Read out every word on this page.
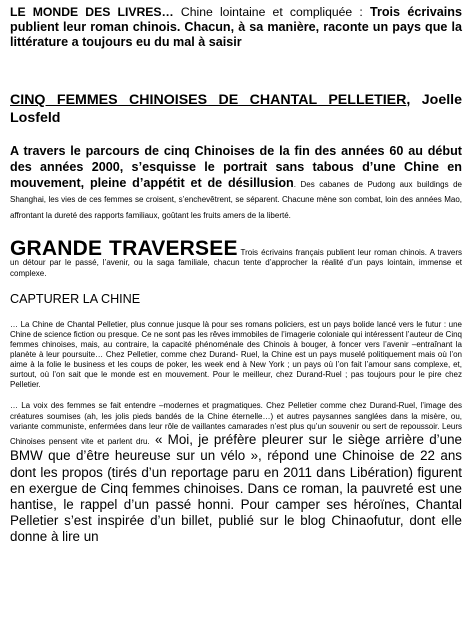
LE MONDE DES LIVRES… Chine lointaine et compliquée : Trois écrivains publient leur roman chinois. Chacun, à sa manière, raconte un pays que la littérature a toujours eu du mal à saisir

CINQ FEMMES CHINOISES DE CHANTAL PELLETIER, Joelle Losfeld

A travers le parcours de cinq Chinoises de la fin des années 60 au début des années 2000, s’esquisse le portrait sans tabous d’une Chine en mouvement, pleine d’appétit et de désillusion. Des cabanes de Pudong aux buildings de Shanghai, les vies de ces femmes se croisent, s’enchevêtrent, se séparent. Chacune mène son combat, loin des années Mao, affrontant la dureté des rapports familiaux, goûtant les fruits amers de la liberté.

GRANDE TRAVERSEE Trois écrivains français publient leur roman chinois. A travers un détour par le passé, l’avenir, ou la saga familiale, chacun tente d’approcher la réalité d’un pays lointain, immense et complexe.

CAPTURER LA CHINE

… La Chine de Chantal Pelletier, plus connue jusque là pour ses romans policiers, est un pays bolide lancé vers le futur : une Chine de science fiction ou presque. Ce ne sont pas les rêves immobiles de l’imagerie coloniale qui intéressent l’auteur de Cinq femmes chinoises, mais, au contraire, la capacité phénoménale des Chinois à bouger, à foncer vers l’avenir –entraînant la planète à leur poursuite… Chez Pelletier, comme chez Durand- Ruel, la Chine est un pays muselé politiquement mais où l’on aime à la folie le business et les coups de poker, les week end à New York ; un pays où l’on fait l’amour sans complexe, et, surtout, où l’on sait que le monde est en mouvement. Pour le meilleur, chez Durand-Ruel ; pas toujours pour le pire chez Pelletier.

… La voix des femmes se fait entendre –modernes et pragmatiques. Chez Pelletier comme chez Durand-Ruel, l’image des créatures soumises (ah, les jolis pieds bandés de la Chine éternelle…) et autres paysannes sanglées dans la misère, ou, variante communiste, enfermées dans leur rôle de vaillantes camarades n’est plus qu’un souvenir ou sert de repoussoir. Leurs Chinoises pensent vite et parlent dru. « Moi, je préfère pleurer sur le siège arrière d’une BMW que d’être heureuse sur un vélo », répond une Chinoise de 22 ans dont les propos (tirés d’un reportage paru en 2011 dans Libération) figurent en exergue de Cinq femmes chinoises. Dans ce roman, la pauvreté est une hantise, le rappel d’un passé honni. Pour camper ses héroïnes, Chantal Pelletier s’est inspirée d’un billet, publié sur le blog Chinaofutur, dont elle donne à lire un
